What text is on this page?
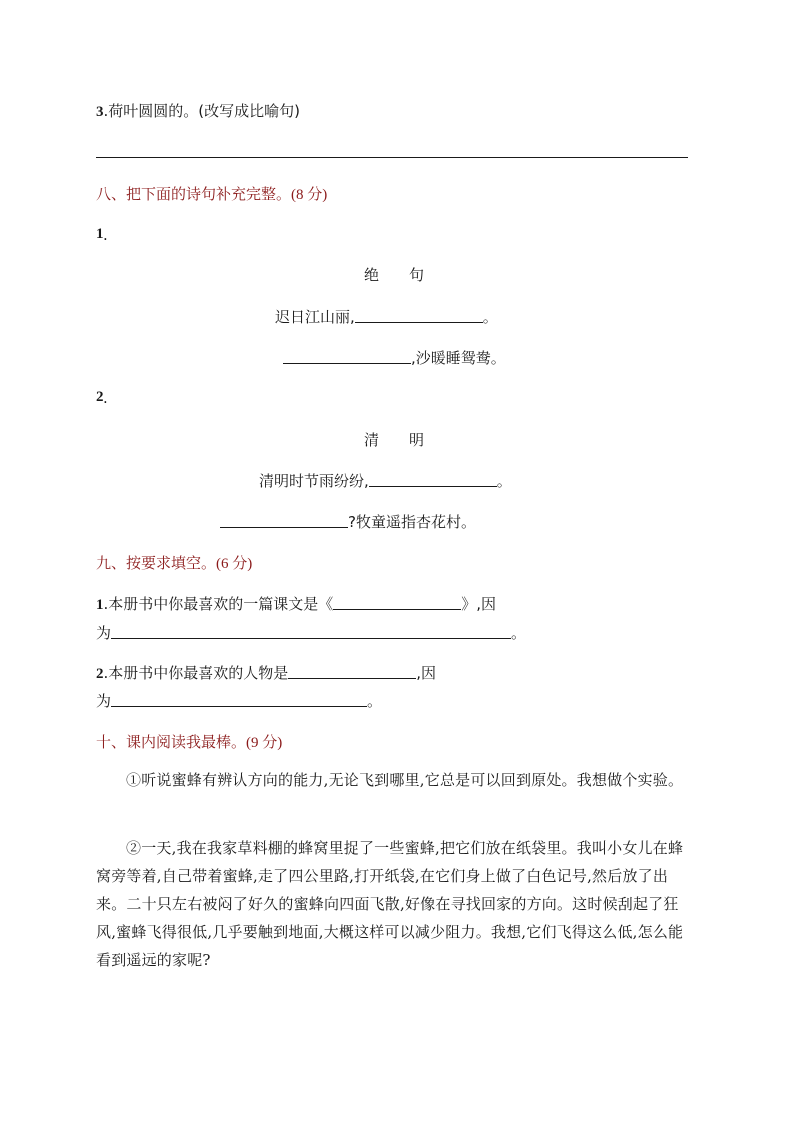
3.荷叶圆圆的。(改写成比喻句)
八、把下面的诗句补充完整。(8 分)
1 .
绝　　句
迟日江山丽,	。
,沙暖睡鸳鸯。
2 .
清　　明
清明时节雨纷纷,	。
?牧童遥指杏花村。
九、按要求填空。(6 分)
1.本册书中你最喜欢的一篇课文是《	》,因
为	。
2.本册书中你最喜欢的人物是	,因
为	。
十、课内阅读我最棒。(9 分)
①听说蜜蜂有辨认方向的能力,无论飞到哪里,它总是可以回到原处。我想做个实验。
②一天,我在我家草料棚的蜂窝里捉了一些蜜蜂,把它们放在纸袋里。我叫小女儿在蜂窝旁等着,自己带着蜜蜂,走了四公里路,打开纸袋,在它们身上做了白色记号,然后放了出来。二十只左右被闷了好久的蜜蜂向四面飞散,好像在寻找回家的方向。这时候刮起了狂风,蜜蜂飞得很低,几乎要触到地面,大概这样可以减少阻力。我想,它们飞得这么低,怎么能看到遥远的家呢?
